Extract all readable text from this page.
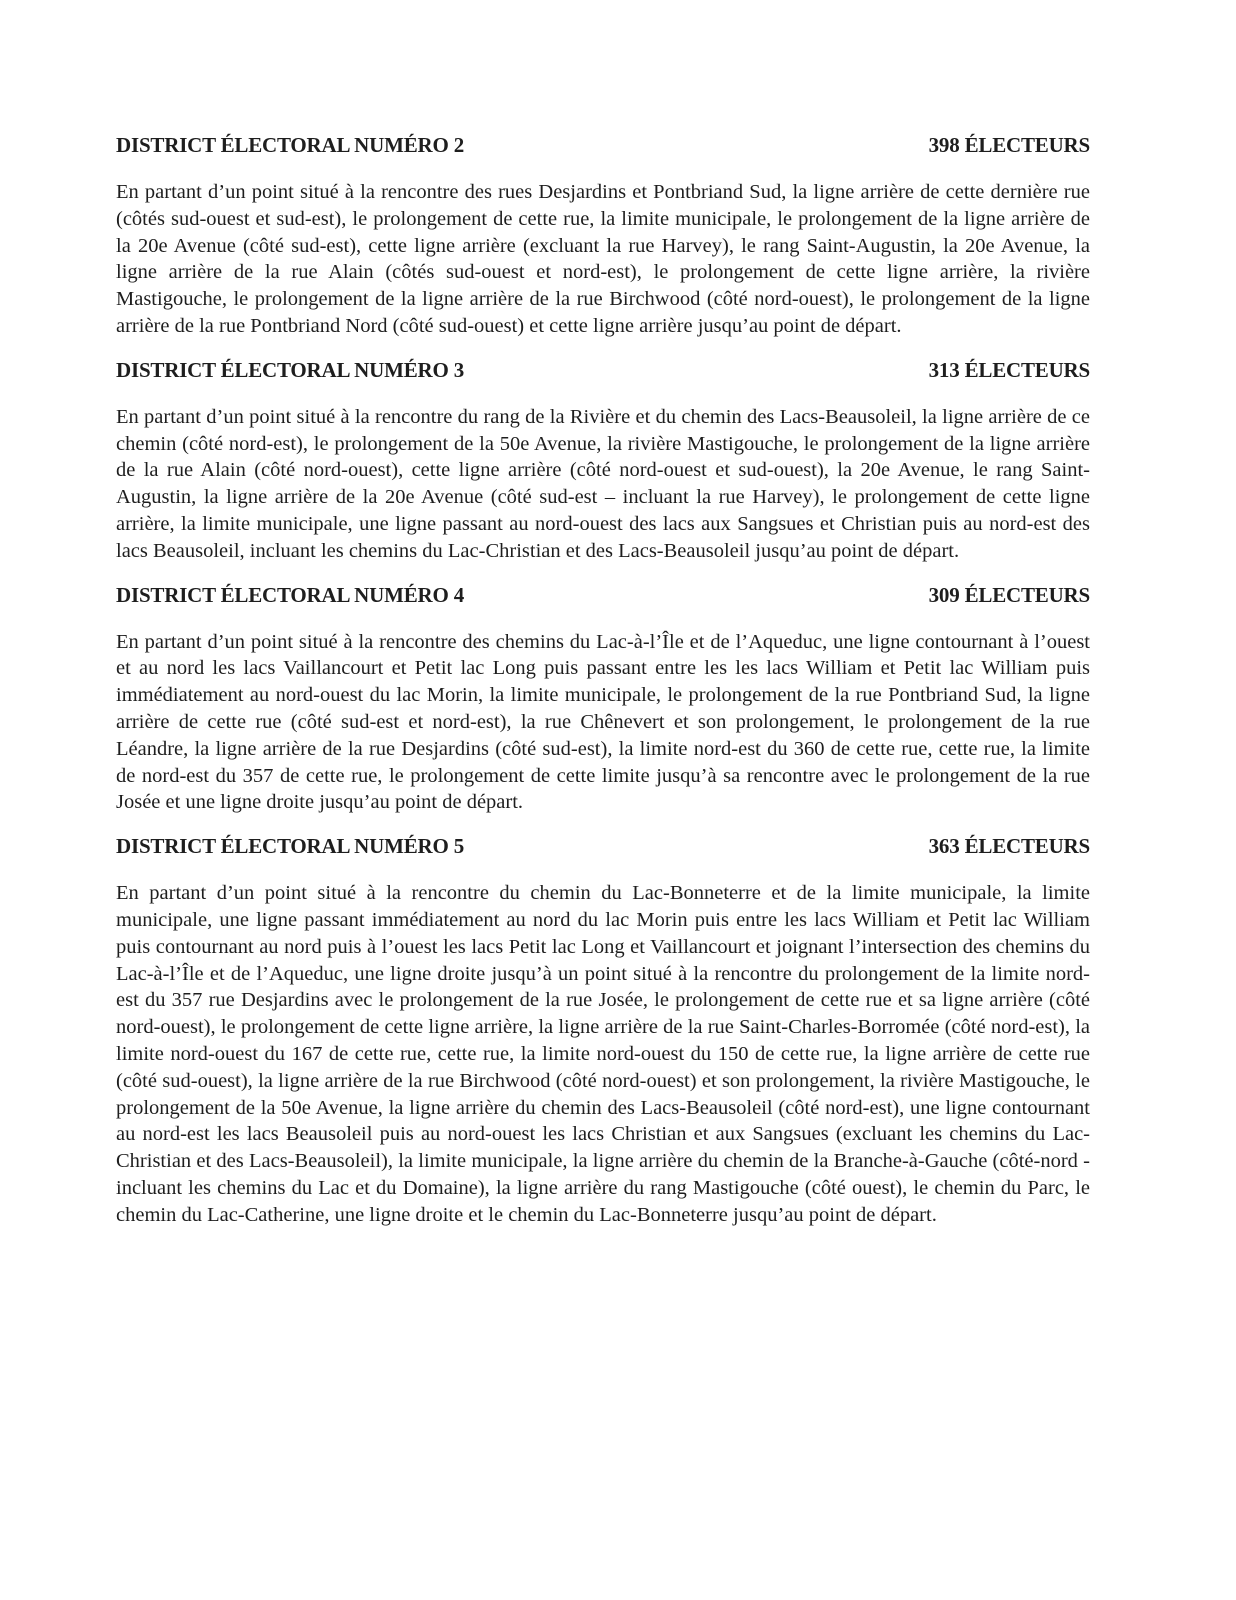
DISTRICT ÉLECTORAL NUMÉRO 2	398 ÉLECTEURS

En partant d’un point situé à la rencontre des rues Desjardins et Pontbriand Sud, la ligne arrière de cette dernière rue (côtés sud-ouest et sud-est), le prolongement de cette rue, la limite municipale, le prolongement de la ligne arrière de la 20e Avenue (côté sud-est), cette ligne arrière (excluant la rue Harvey), le rang Saint-Augustin, la 20e Avenue, la ligne arrière de la rue Alain (côtés sud-ouest et nord-est), le prolongement de cette ligne arrière, la rivière Mastigouche, le prolongement de la ligne arrière de la rue Birchwood (côté nord-ouest), le prolongement de la ligne arrière de la rue Pontbriand Nord (côté sud-ouest) et cette ligne arrière jusqu’au point de départ.

DISTRICT ÉLECTORAL NUMÉRO 3	313 ÉLECTEURS

En partant d’un point situé à la rencontre du rang de la Rivière et du chemin des Lacs-Beausoleil, la ligne arrière de ce chemin (côté nord-est), le prolongement de la 50e Avenue, la rivière Mastigouche, le prolongement de la ligne arrière de la rue Alain (côté nord-ouest), cette ligne arrière (côté nord-ouest et sud-ouest), la 20e Avenue, le rang Saint-Augustin, la ligne arrière de la 20e Avenue (côté sud-est – incluant la rue Harvey), le prolongement de cette ligne arrière, la limite municipale, une ligne passant au nord-ouest des lacs aux Sangsues et Christian puis au nord-est des lacs Beausoleil, incluant les chemins du Lac-Christian et des Lacs-Beausoleil jusqu’au point de départ.

DISTRICT ÉLECTORAL NUMÉRO 4	309 ÉLECTEURS

En partant d’un point situé à la rencontre des chemins du Lac-à-l’Île et de l’Aqueduc, une ligne contournant à l’ouest et au nord les lacs Vaillancourt et Petit lac Long puis passant entre les les lacs William et Petit lac William puis immédiatement au nord-ouest du lac Morin, la limite municipale, le prolongement de la rue Pontbriand Sud, la ligne arrière de cette rue (côté sud-est et nord-est), la rue Chênevert et son prolongement, le prolongement de la rue Léandre, la ligne arrière de la rue Desjardins (côté sud-est), la limite nord-est du 360 de cette rue, cette rue, la limite de nord-est du 357 de cette rue, le prolongement de cette limite jusqu’à sa rencontre avec le prolongement de la rue Josée et une ligne droite jusqu’au point de départ.

DISTRICT ÉLECTORAL NUMÉRO 5	363 ÉLECTEURS

En partant d’un point situé à la rencontre du chemin du Lac-Bonneterre et de la limite municipale, la limite municipale, une ligne passant immédiatement au nord du lac Morin puis entre les lacs William et Petit lac William puis contournant au nord puis à l’ouest les lacs Petit lac Long et Vaillancourt et joignant l’intersection des chemins du Lac-à-l’Île et de l’Aqueduc, une ligne droite jusqu’à un point situé à la rencontre du prolongement de la limite nord-est du 357 rue Desjardins avec le prolongement de la rue Josée, le prolongement de cette rue et sa ligne arrière (côté nord-ouest), le prolongement de cette ligne arrière, la ligne arrière de la rue Saint-Charles-Borromée (côté nord-est), la limite nord-ouest du 167 de cette rue, cette rue, la limite nord-ouest du 150 de cette rue, la ligne arrière de cette rue (côté sud-ouest), la ligne arrière de la rue Birchwood (côté nord-ouest) et son prolongement, la rivière Mastigouche, le prolongement de la 50e Avenue, la ligne arrière du chemin des Lacs-Beausoleil (côté nord-est), une ligne contournant au nord-est les lacs Beausoleil puis au nord-ouest les lacs Christian et aux Sangsues (excluant les chemins du Lac-Christian et des Lacs-Beausoleil), la limite municipale, la ligne arrière du chemin de la Branche-à-Gauche (côté-nord - incluant les chemins du Lac et du Domaine), la ligne arrière du rang Mastigouche (côté ouest), le chemin du Parc, le chemin du Lac-Catherine, une ligne droite et le chemin du Lac-Bonneterre jusqu’au point de départ.
